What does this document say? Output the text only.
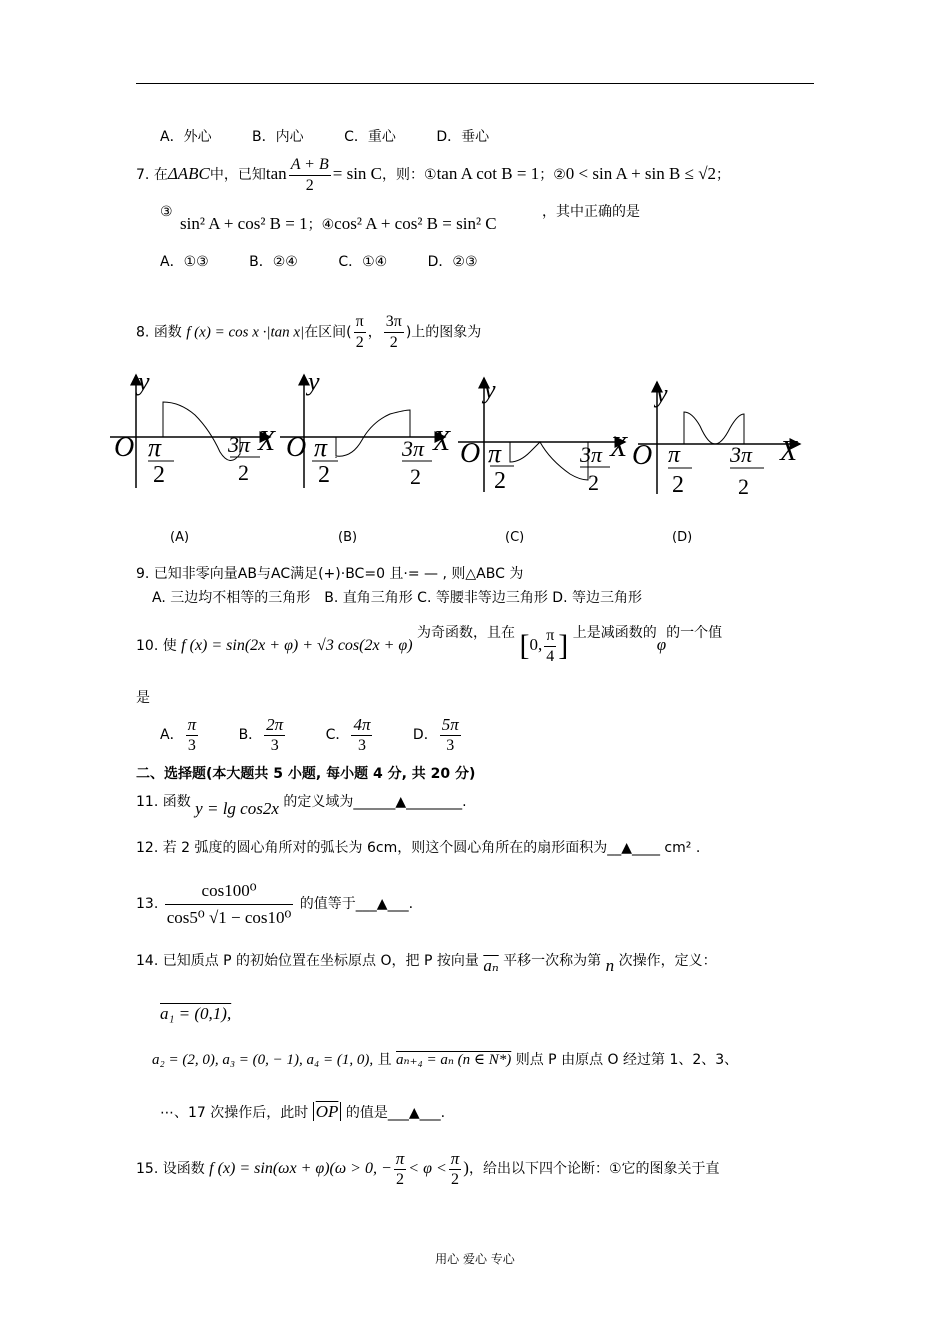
A．外心	B．内心	C．重心	D．垂心
7. 在ΔABC中，已知$\tan \frac{A + B}{2} = \sin C$，则：①tan A cot B = 1；②0 < sin A + sin B ≤ √2；
③
sin² A + cos² B = 1；④cos² A + cos² B = sin² C
，其中正确的是
A．①③	B．②④	C．①④	D．②③
8. 函数 f (x) = cos x ·|tan x|在区间( $\frac{\pi}{2}$ ， $\frac{3\pi}{2}$ )上的图象为
y
O	X
π
2
3π
2
y
O	X
π
2
3π
2
y
O	X
π
2
3π
2
y
O	X
π
2
3π
2
(A)	(B)	(C)	(D)
9. 已知非零向量AB与AC满足(+)·BC=0 且·= — , 则△ABC 为
A. 三边均不相等的三角形　B. 直角三角形 C. 等腰非等边三角形 D. 等边三角形
10. 使 f (x) = sin(2x + φ) + √3 cos(2x + φ) 为奇函数，且在 [0, $\frac{\pi}{4}$ ] 上是减函数的φ的一个值
是
A． $\frac{\pi}{3}$	B． $\frac{2\pi}{3}$	C． $\frac{4\pi}{3}$	D． $\frac{5\pi}{3}$
二、选择题(本大题共 5 小题, 每小题 4 分, 共 20 分)
11. 函数 y = lg cos2x 的定义域为______▲________.
12. 若 2 弧度的圆心角所对的弧长为 6cm，则这个圆心角所在的扇形面积为__▲____ cm² .
13. $\frac{\text{cos100⁰}}{\text{cos5⁰ √1 − cos10⁰}}$ 的值等于___▲___.
14. 已知质点 P 的初始位置在坐标原点 O，把 P 按向量 $\overline{a_n}$ 平移一次称为第 n 次操作，定义：
a₁ = (0,1),
a₂ = (2, 0), a₃ = (0, − 1), a₄ = (1, 0), 且 aₙ₊₄ = aₙ (n ∈ N*) 则点 P 由原点 O 经过第 1、2、3、
⋯、17 次操作后，此时 $\overline{OP}$ 的值是___▲___.
15. 设函数 f (x) = sin(ωx + φ)(ω > 0, − $\frac{\pi}{2} < \varphi < \frac{\pi}{2}$ )，给出以下四个论断：①它的图象关于直
用心 爱心 专心
